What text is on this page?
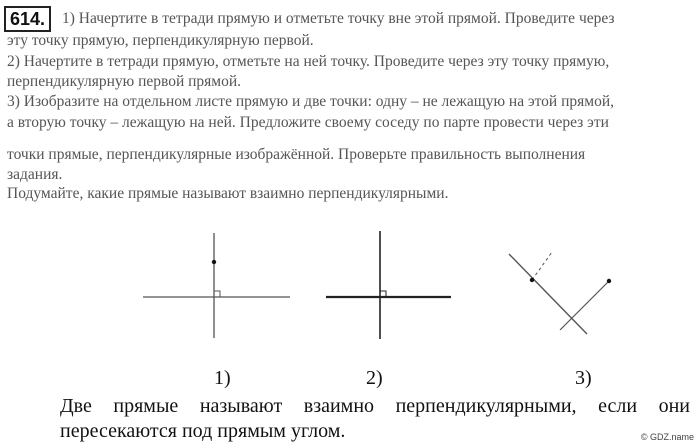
614.	1) Начертите в тетради прямую и отметьте точку вне этой прямой. Проведите через
эту точку прямую, перпендикулярную первой.
2) Начертите в тетради прямую, отметьте на ней точку. Проведите через эту точку прямую,
перпендикулярную первой прямой.
3) Изобразите на отдельном листе прямую и две точки: одну – не лежащую на этой прямой,
а вторую точку – лежащую на ней. Предложите своему соседу по парте провести через эти
точки прямые, перпендикулярные изображённой. Проверьте правильность выполнения
задания.
Подумайте, какие прямые называют взаимно перпендикулярными.
1)	2)	3)
Две прямые называют взаимно перпендикулярными, если они
пересекаются под прямым углом.	© GDZ.name
